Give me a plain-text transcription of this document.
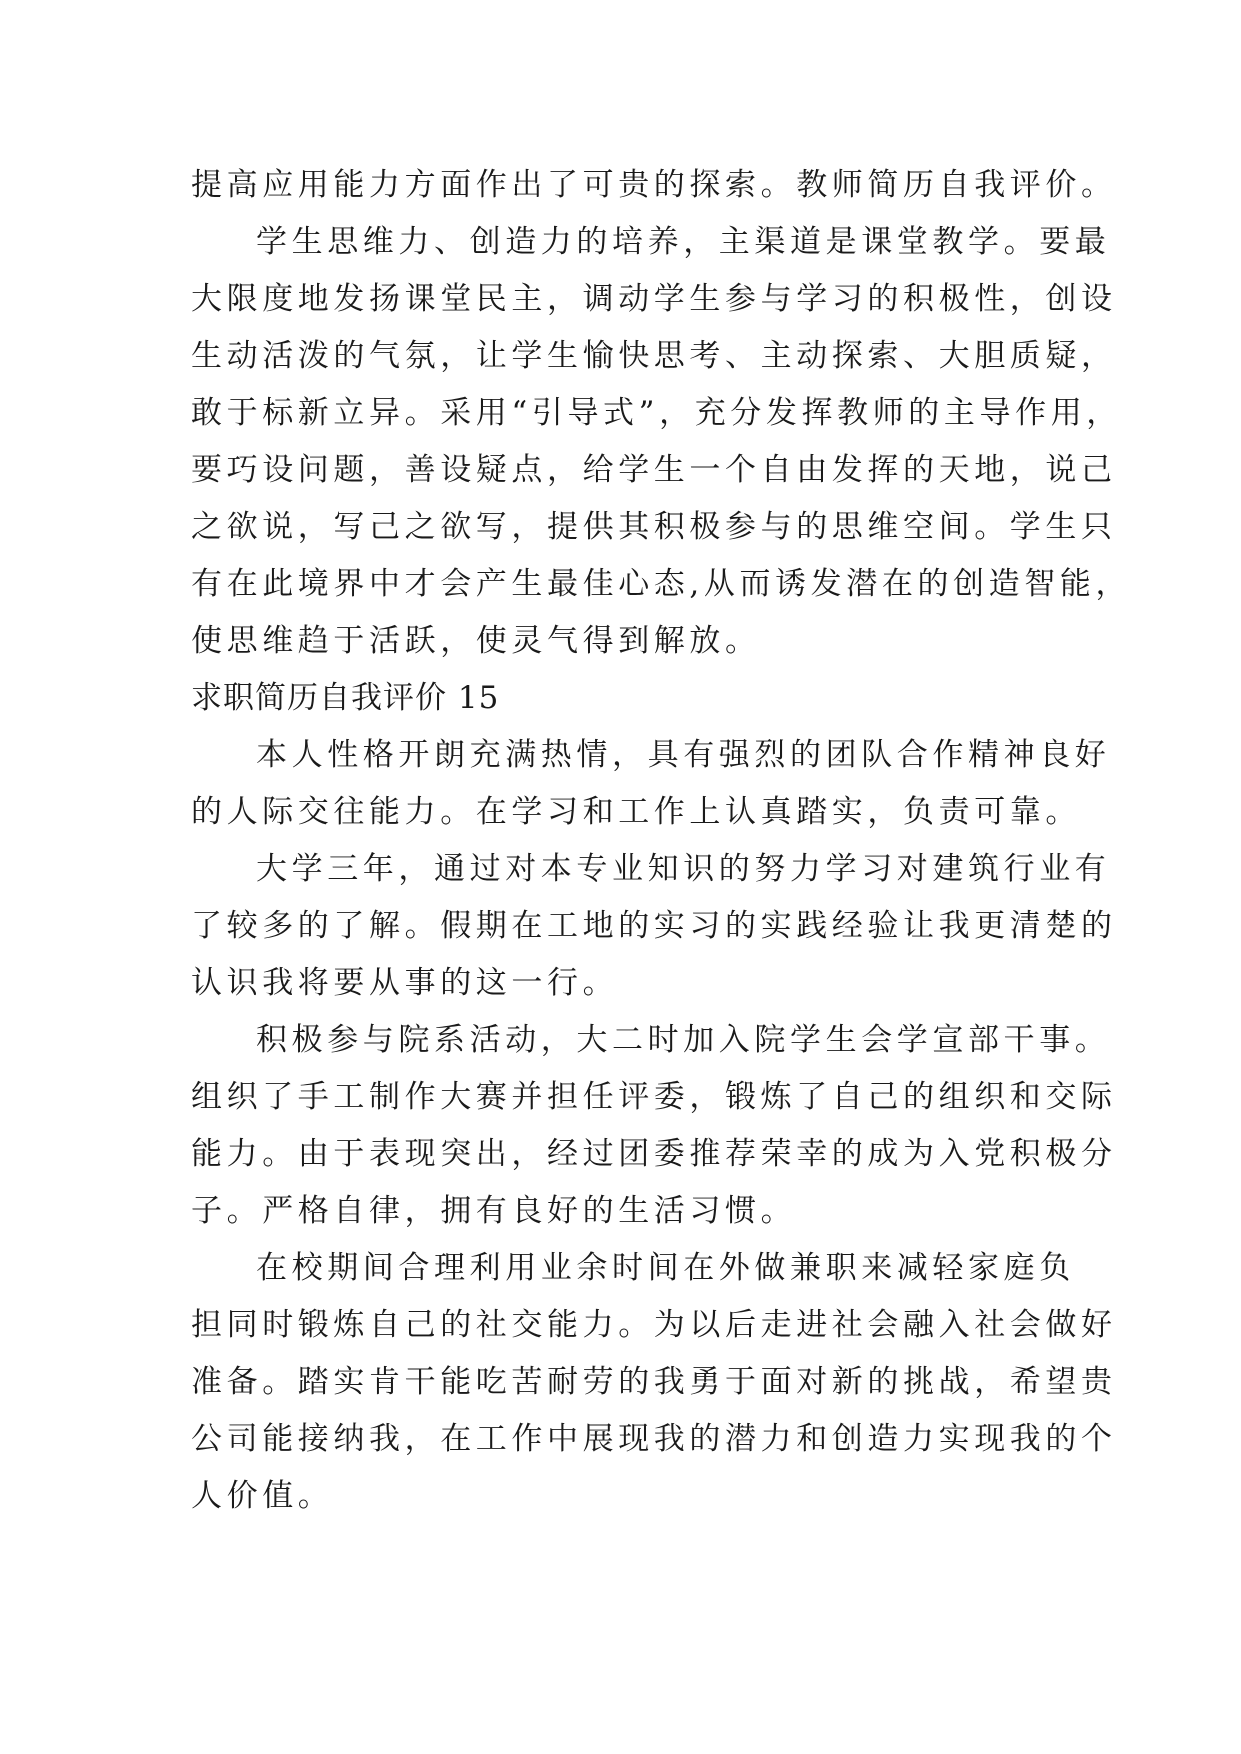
提高应用能力方面作出了可贵的探索。教师简历自我评价。
学生思维力、创造力的培养，主渠道是课堂教学。要最
大限度地发扬课堂民主，调动学生参与学习的积极性，创设
生动活泼的气氛，让学生愉快思考、主动探索、大胆质疑，
敢于标新立异。采用“引导式”，充分发挥教师的主导作用，
要巧设问题，善设疑点，给学生一个自由发挥的天地，说己
之欲说，写己之欲写，提供其积极参与的思维空间。学生只
有在此境界中才会产生最佳心态,从而诱发潜在的创造智能，
使思维趋于活跃，使灵气得到解放。
求职简历自我评价 15
本人性格开朗充满热情，具有强烈的团队合作精神良好
的人际交往能力。在学习和工作上认真踏实，负责可靠。
大学三年，通过对本专业知识的努力学习对建筑行业有
了较多的了解。假期在工地的实习的实践经验让我更清楚的
认识我将要从事的这一行。
积极参与院系活动，大二时加入院学生会学宣部干事。
组织了手工制作大赛并担任评委，锻炼了自己的组织和交际
能力。由于表现突出，经过团委推荐荣幸的成为入党积极分
子。严格自律，拥有良好的生活习惯。
在校期间合理利用业余时间在外做兼职来减轻家庭负
担同时锻炼自己的社交能力。为以后走进社会融入社会做好
准备。踏实肯干能吃苦耐劳的我勇于面对新的挑战，希望贵
公司能接纳我，在工作中展现我的潜力和创造力实现我的个
人价值。
